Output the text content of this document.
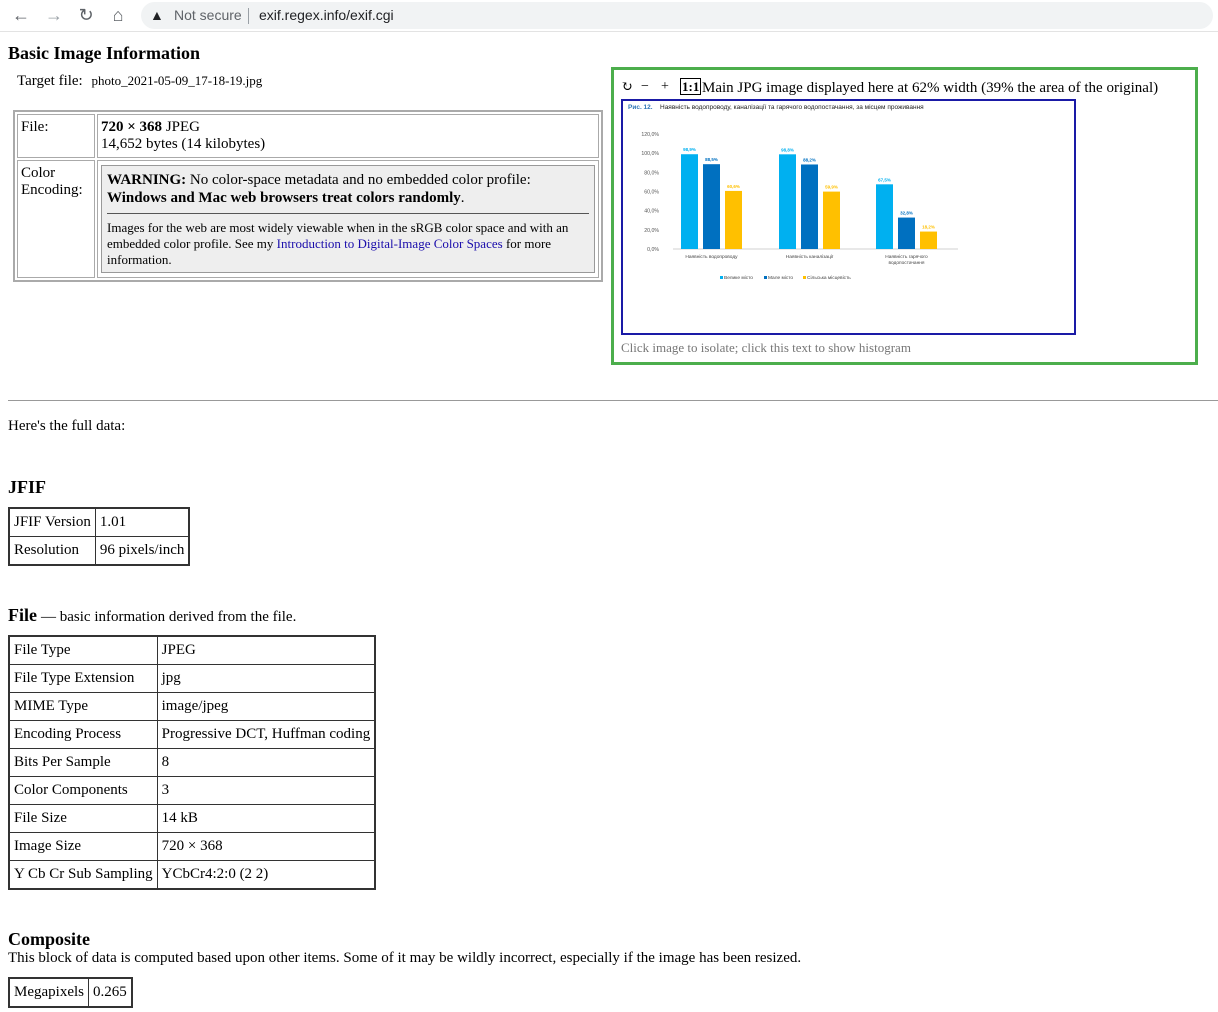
← → ↻	⌂	▲ Not secure exif.regex.info/exif.cgi
Basic Image Information
Target file: photo_2021-05-09_17-18-19.jpg
File:	720 × 368 JPEG
14,652 bytes (14 kilobytes)
Color Encoding:	WARNING: No color-space metadata and no embedded color profile:
Windows and Mac web browsers treat colors randomly.
Images for the web are most widely viewable when in the sRGB color space and with an embedded color profile. See my Introduction to Digital-Image Color Spaces for more information.
↻ − + 1:1 Main JPG image displayed here at 62% width (39% the area of the original)
Рис. 12. Наявність водопроводу, каналізації та гарячого водопостачання, за місцем проживання
120,0%
100,0%
80,0%
60,0%
40,0%
20,0%
0,0%
98,9%
88,5%
60,6%
Наявність водопроводу
98,8%
88,2%
59,9%
Наявність каналізації
67,5%
32,8%
18,2%
Наявність гарячого
водопостачання
Велике місто	Мале місто	Сільська місцевість
Click image to isolate; click this text to show histogram
Here's the full data:
JFIF
JFIF Version	1.01
Resolution	96 pixels/inch
File — basic information derived from the file.
File Type	JPEG
File Type Extension	jpg
MIME Type	image/jpeg
Encoding Process	Progressive DCT, Huffman coding
Bits Per Sample	8
Color Components	3
File Size	14 kB
Image Size	720 × 368
Y Cb Cr Sub Sampling	YCbCr4:2:0 (2 2)
Composite
This block of data is computed based upon other items. Some of it may be wildly incorrect, especially if the image has been resized.
Megapixels	0.265
